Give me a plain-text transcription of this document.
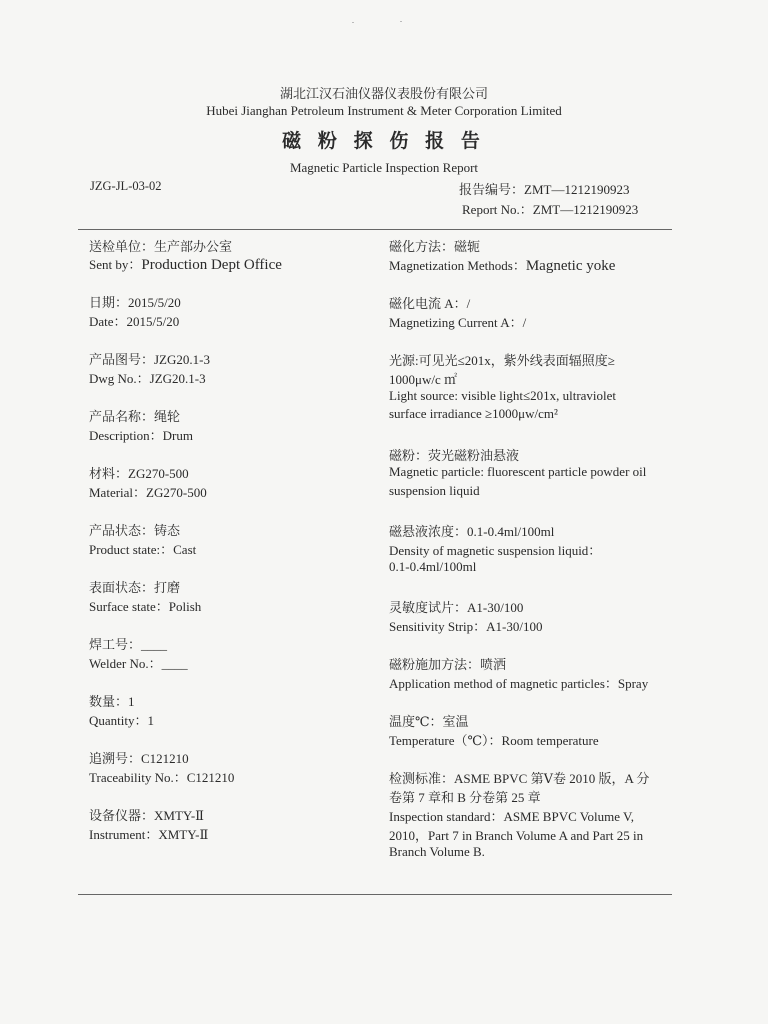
湖北江汉石油仪器仪表股份有限公司
Hubei Jianghan Petroleum Instrument & Meter Corporation Limited
磁 粉 探 伤 报 告
Magnetic Particle Inspection Report
JZG-JL-03-02	报告编号：ZMT—1212190923
Report No.：ZMT—1212190923
送检单位：生产部办公室
Sent by：Production Dept Office
日期：2015/5/20
Date：2015/5/20
产品图号：JZG20.1-3
Dwg No.：JZG20.1-3
产品名称：绳轮
Description：Drum
材料：ZG270-500
Material：ZG270-500
产品状态：铸态
Product state:：Cast
表面状态：打磨
Surface state：Polish
焊工号：____
Welder No.：____
数量：1
Quantity：1
追溯号：C121210
Traceability No.：C121210
设备仪器：XMTY-Ⅱ
Instrument：XMTY-Ⅱ
磁化方法：磁轭
Magnetization Methods：Magnetic yoke
磁化电流 A：/
Magnetizing Current A：/
光源:可见光≤201x，紫外线表面辐照度≥
1000μw/c ㎡
Light source: visible light≤201x, ultraviolet
surface irradiance ≥1000μw/cm²
磁粉：荧光磁粉油悬液
Magnetic particle: fluorescent particle powder oil
suspension liquid
磁悬液浓度：0.1-0.4ml/100ml
Density of magnetic suspension liquid：
0.1-0.4ml/100ml
灵敏度试片：A1-30/100
Sensitivity Strip：A1-30/100
磁粉施加方法：喷洒
Application method of magnetic particles：Spray
温度℃：室温
Temperature（℃）：Room temperature
检测标准：ASME BPVC 第Ⅴ卷 2010 版，A 分
卷第 7 章和 B 分卷第 25 章
Inspection standard：ASME BPVC Volume V,
2010，Part 7 in Branch Volume A and Part 25 in
Branch Volume B.
